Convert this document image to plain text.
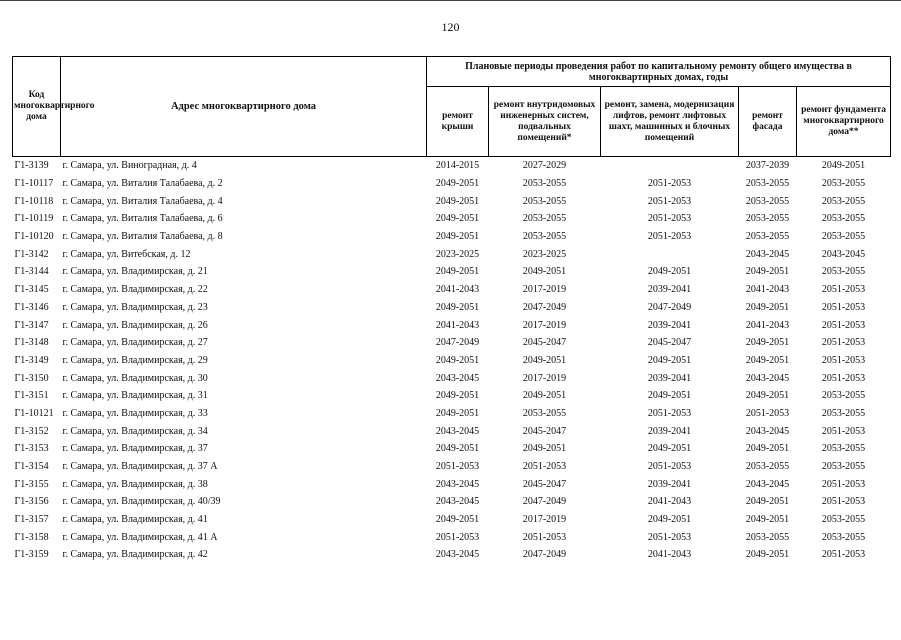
120
Код многоквартирного дома	Адрес многоквартирного дома	Плановые периоды проведения работ по капитальному ремонту общего имущества в многоквартирных домах, годы				
		ремонт крыши	ремонт внутридомовых инженерных систем, подвальных помещений*	ремонт, замена, модернизация лифтов, ремонт лифтовых шахт, машинных и блочных помещений	ремонт фасада	ремонт фундамента многоквартирного дома**
Г1-3139	г. Самара, ул. Виноградная, д. 4	2014-2015	2027-2029		2037-2039	2049-2051
Г1-10117	г. Самара, ул. Виталия Талабаева, д. 2	2049-2051	2053-2055	2051-2053	2053-2055	2053-2055
Г1-10118	г. Самара, ул. Виталия Талабаева, д. 4	2049-2051	2053-2055	2051-2053	2053-2055	2053-2055
Г1-10119	г. Самара, ул. Виталия Талабаева, д. 6	2049-2051	2053-2055	2051-2053	2053-2055	2053-2055
Г1-10120	г. Самара, ул. Виталия Талабаева, д. 8	2049-2051	2053-2055	2051-2053	2053-2055	2053-2055
Г1-3142	г. Самара, ул. Витебская, д. 12	2023-2025	2023-2025		2043-2045	2043-2045
Г1-3144	г. Самара, ул. Владимирская, д. 21	2049-2051	2049-2051	2049-2051	2049-2051	2053-2055
Г1-3145	г. Самара, ул. Владимирская, д. 22	2041-2043	2017-2019	2039-2041	2041-2043	2051-2053
Г1-3146	г. Самара, ул. Владимирская, д. 23	2049-2051	2047-2049	2047-2049	2049-2051	2051-2053
Г1-3147	г. Самара, ул. Владимирская, д. 26	2041-2043	2017-2019	2039-2041	2041-2043	2051-2053
Г1-3148	г. Самара, ул. Владимирская, д. 27	2047-2049	2045-2047	2045-2047	2049-2051	2051-2053
Г1-3149	г. Самара, ул. Владимирская, д. 29	2049-2051	2049-2051	2049-2051	2049-2051	2051-2053
Г1-3150	г. Самара, ул. Владимирская, д. 30	2043-2045	2017-2019	2039-2041	2043-2045	2051-2053
Г1-3151	г. Самара, ул. Владимирская, д. 31	2049-2051	2049-2051	2049-2051	2049-2051	2053-2055
Г1-10121	г. Самара, ул. Владимирская, д. 33	2049-2051	2053-2055	2051-2053	2051-2053	2053-2055
Г1-3152	г. Самара, ул. Владимирская, д. 34	2043-2045	2045-2047	2039-2041	2043-2045	2051-2053
Г1-3153	г. Самара, ул. Владимирская, д. 37	2049-2051	2049-2051	2049-2051	2049-2051	2053-2055
Г1-3154	г. Самара, ул. Владимирская, д. 37 А	2051-2053	2051-2053	2051-2053	2053-2055	2053-2055
Г1-3155	г. Самара, ул. Владимирская, д. 38	2043-2045	2045-2047	2039-2041	2043-2045	2051-2053
Г1-3156	г. Самара, ул. Владимирская, д. 40/39	2043-2045	2047-2049	2041-2043	2049-2051	2051-2053
Г1-3157	г. Самара, ул. Владимирская, д. 41	2049-2051	2017-2019	2049-2051	2049-2051	2053-2055
Г1-3158	г. Самара, ул. Владимирская, д. 41 А	2051-2053	2051-2053	2051-2053	2053-2055	2053-2055
Г1-3159	г. Самара, ул. Владимирская, д. 42	2043-2045	2047-2049	2041-2043	2049-2051	2051-2053
